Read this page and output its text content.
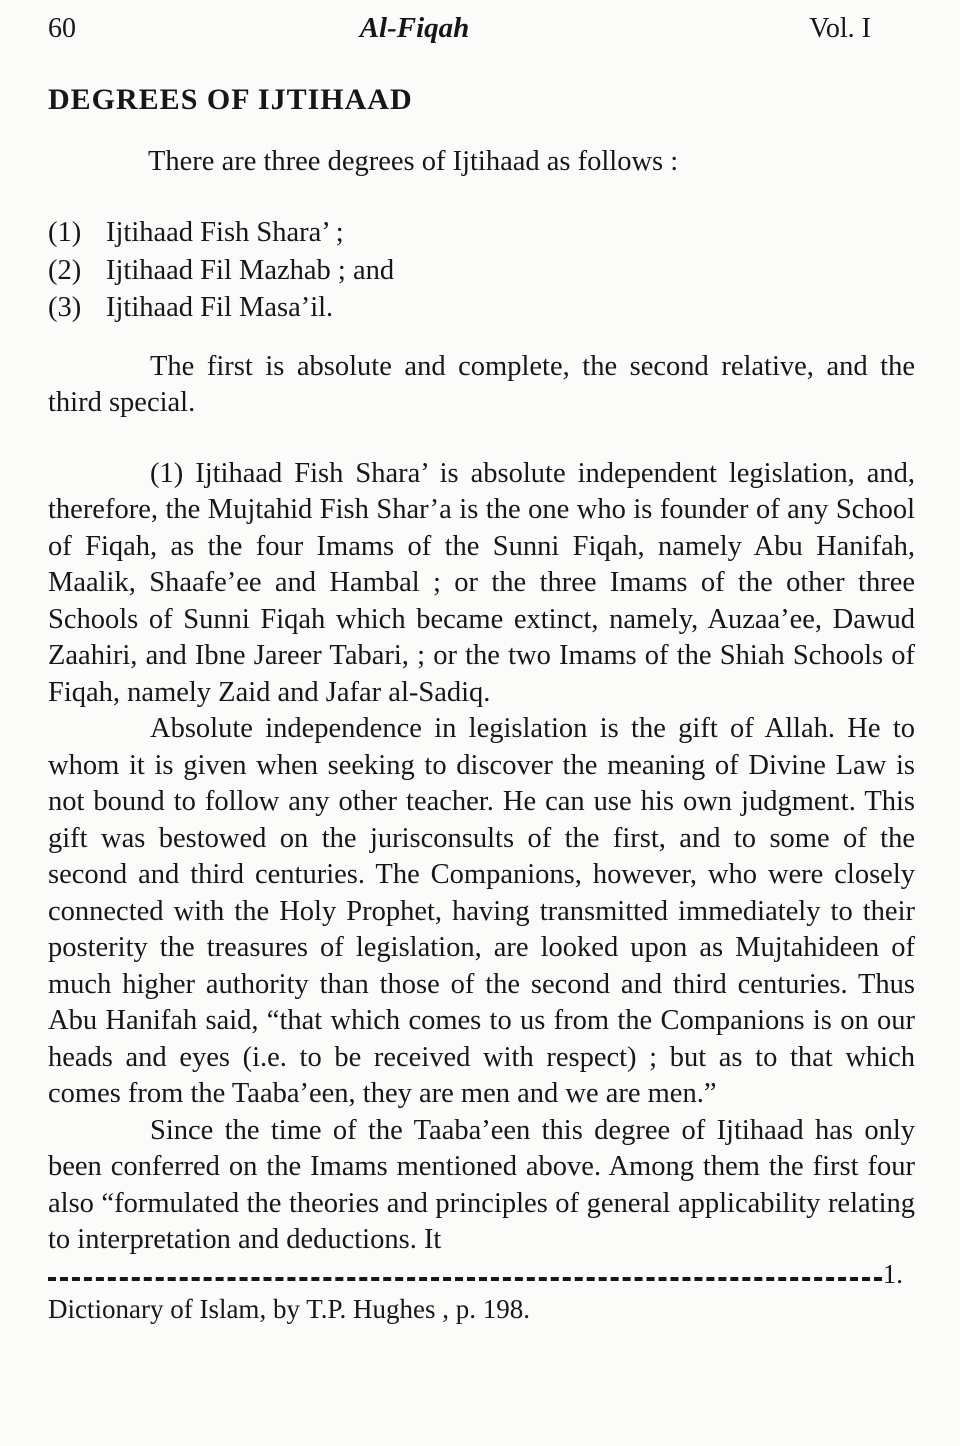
60	Al-Fiqah	Vol. I
DEGREES OF IJTIHAAD

There are three degrees of Ijtihaad as follows :

(1) Ijtihaad Fish Shara’ ;
(2) Ijtihaad Fil Mazhab ; and
(3) Ijtihaad Fil Masa’il.

The first is absolute and complete, the second relative, and the third special.

(1) Ijtihaad Fish Shara’ is absolute independent legislation, and, therefore, the Mujtahid Fish Shar’a is the one who is founder of any School of Fiqah, as the four Imams of the Sunni Fiqah, namely Abu Hanifah, Maalik, Shaafe’ee and Hambal ; or the three Imams of the other three Schools of Sunni Fiqah which became extinct, namely, Auzaa’ee, Dawud Zaahiri, and Ibne Jareer Tabari, ; or the two Imams of the Shiah Schools of Fiqah, namely Zaid and Jafar al-Sadiq.

Absolute independence in legislation is the gift of Allah. He to whom it is given when seeking to discover the meaning of Divine Law is not bound to follow any other teacher. He can use his own judgment. This gift was bestowed on the jurisconsults of the first, and to some of the second and third centuries. The Companions, however, who were closely connected with the Holy Prophet, having transmitted immediately to their posterity the treasures of legislation, are looked upon as Mujtahideen of much higher authority than those of the second and third centuries. Thus Abu Hanifah said, “that which comes to us from the Companions is on our heads and eyes (i.e. to be received with respect) ; but as to that which comes from the Taaba’een, they are men and we are men.”

Since the time of the Taaba’een this degree of Ijtihaad has only been conferred on the Imams mentioned above. Among them the first four also “formulated the theories and principles of general applicability relating to interpretation and deductions. It

1.

Dictionary of Islam, by T.P. Hughes , p. 198.
